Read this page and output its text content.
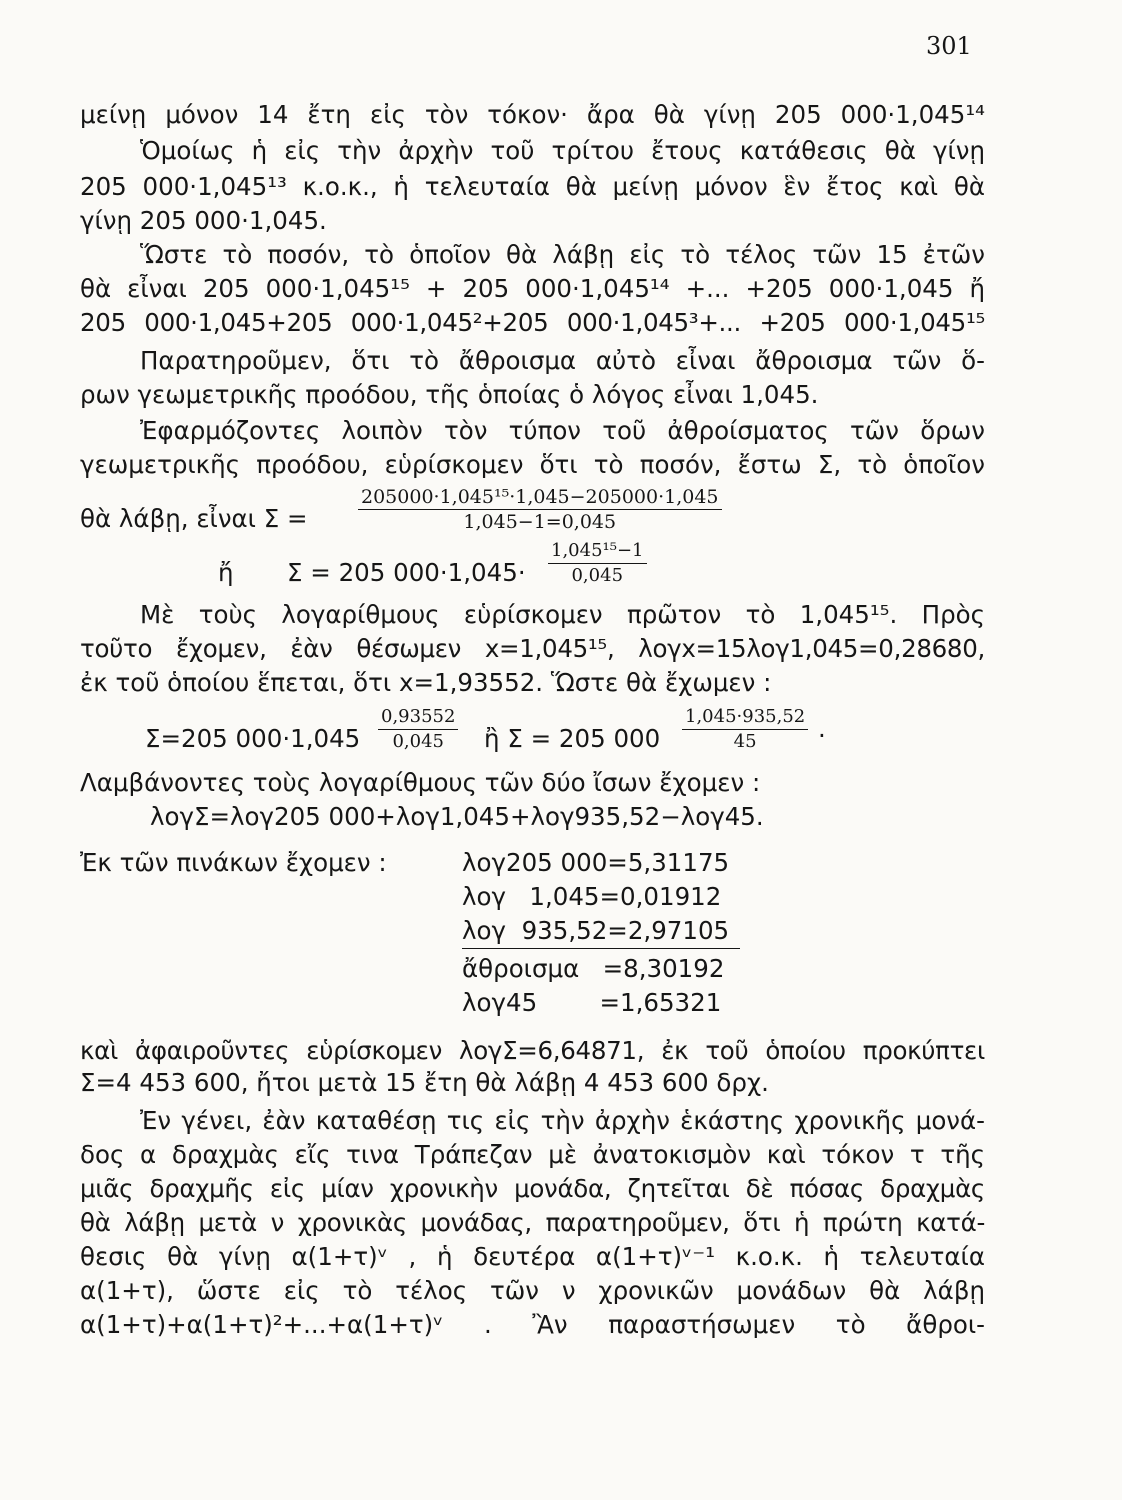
301
μείνῃ μόνον 14 ἔτη εἰς τὸν τόκον· ἄρα θὰ γίνῃ 205 000·1,045¹⁴
Ὁμοίως ἡ εἰς τὴν ἀρχὴν τοῦ τρίτου ἔτους κατάθεσις θὰ γίνῃ
205 000·1,045¹³ κ.ο.κ., ἡ τελευταία θὰ μείνῃ μόνον ἓν ἔτος καὶ θὰ
γίνῃ 205 000·1,045.
Ὥστε τὸ ποσόν, τὸ ὁποῖον θὰ λάβῃ εἰς τὸ τέλος τῶν 15 ἐτῶν
θὰ εἶναι 205 000·1,045¹⁵ + 205 000·1,045¹⁴ +... +205 000·1,045 ἤ
205 000·1,045+205 000·1,045²+205 000·1,045³+... +205 000·1,045¹⁵
Παρατηροῦμεν, ὅτι τὸ ἄθροισμα αὐτὸ εἶναι ἄθροισμα τῶν ὅ-
ρων γεωμετρικῆς προόδου, τῆς ὁποίας ὁ λόγος εἶναι 1,045.
Ἐφαρμόζοντες λοιπὸν τὸν τύπον τοῦ ἀθροίσματος τῶν ὅρων
γεωμετρικῆς προόδου, εὑρίσκομεν ὅτι τὸ ποσόν, ἔστω Σ, τὸ ὁποῖον
θὰ λάβῃ, εἶναι Σ =	$\frac{\text{205000·1,045¹⁵·1,045−205000·1,045}}{1,045-1=0,045}$
ἤ Σ = 205 $000\cdot 1,045\cdot \frac{\text{1,045¹⁵−1}}{0,045}$
Μὲ τοὺς λογαρίθμους εὑρίσκομεν πρῶτον τὸ 1,045¹⁵. Πρὸς
τοῦτο ἔχομεν, ἐὰν θέσωμεν x=1,045¹⁵, λογx=15λογ1,045=0,28680,
ἐκ τοῦ ὁποίου ἕπεται, ὅτι x=1,93552. Ὥστε θὰ ἔχωμεν :
Σ=205 $000\cdot 1,045 \frac{0,93552}{0,045}$ ἢ Σ = 205 $000 \frac{1,045\cdot 935,52}{45}$ .
Λαμβάνοντες τοὺς λογαρίθμους τῶν δύο ἴσων ἔχομεν :
λογΣ=λογ205 000+λογ1,045+λογ935,52−λογ45.
Ἐκ τῶν πινάκων ἔχομεν :	λογ205 000=5,31175
λογ   1,045=0,01912
λογ  935,52=2,97105
ἄθροισμα   =8,30192
λογ45        =1,65321
καὶ ἀφαιροῦντες εὑρίσκομεν λογΣ=6,64871, ἐκ τοῦ ὁποίου προκύπτει
Σ=4 453 600, ἤτοι μετὰ 15 ἔτη θὰ λάβῃ 4 453 600 δρχ.
Ἐν γένει, ἐὰν καταθέσῃ τις εἰς τὴν ἀρχὴν ἑκάστης χρονικῆς μονά-
δος α δραχμὰς εἴς τινα Τράπεζαν μὲ ἀνατοκισμὸν καὶ τόκον τ τῆς
μιᾶς δραχμῆς εἰς μίαν χρονικὴν μονάδα, ζητεῖται δὲ πόσας δραχμὰς
θὰ λάβῃ μετὰ ν χρονικὰς μονάδας, παρατηροῦμεν, ὅτι ἡ πρώτη κατά-
θεσις θὰ γίνῃ α(1+τ)ᵛ , ἡ δευτέρα α(1+τ)ᵛ⁻¹ κ.ο.κ. ἡ τελευταία
α(1+τ), ὥστε εἰς τὸ τέλος τῶν ν χρονικῶν μονάδων θὰ λάβῃ
α(1+τ)+α(1+τ)²+...+α(1+τ)ᵛ . Ἂν παραστήσωμεν τὸ ἄθροι-
